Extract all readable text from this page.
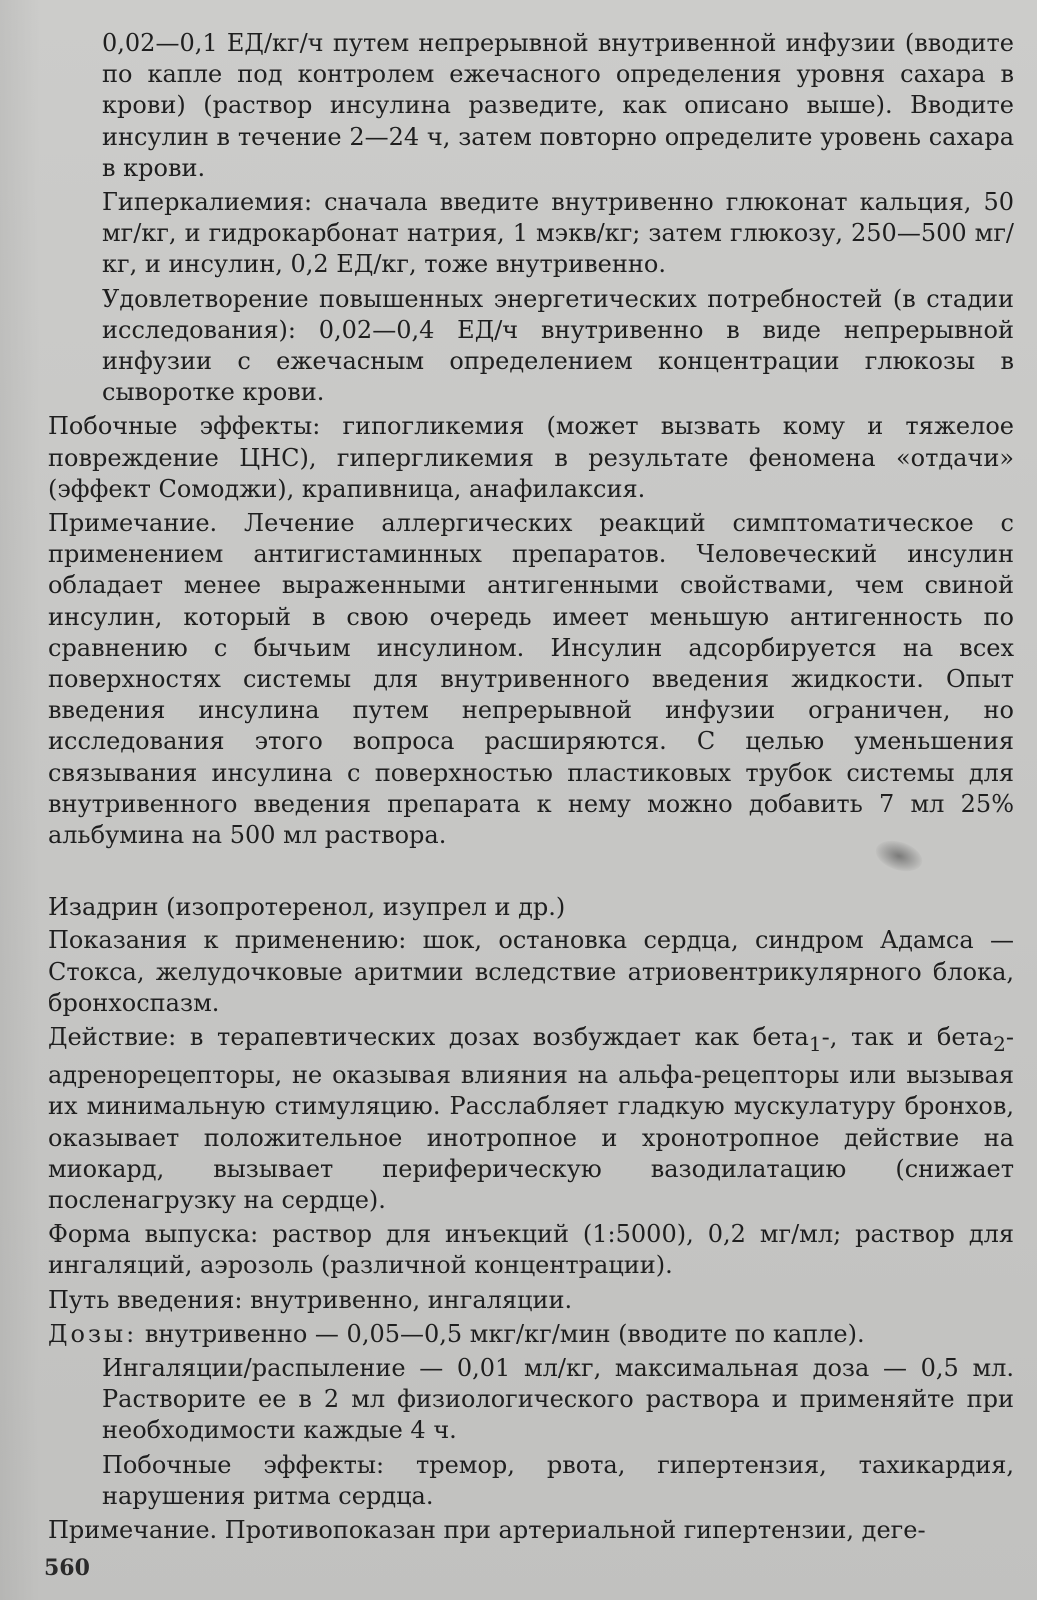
0,02—0,1 ЕД/кг/ч путем непрерывной внутривенной инфузии (вводите по капле под контролем ежечасного определения уровня сахара в крови) (раствор инсулина разведите, как описано выше). Вводите инсулин в течение 2—24 ч, затем повторно определите уровень сахара в крови.

Гиперкалиемия: сначала введите внутривенно глюконат кальция, 50 мг/кг, и гидрокарбонат натрия, 1 мэкв/кг; затем глюкозу, 250—500 мг/кг, и инсулин, 0,2 ЕД/кг, тоже внутривенно.

Удовлетворение повышенных энергетических потребностей (в стадии исследования): 0,02—0,4 ЕД/ч внутривенно в виде непрерывной инфузии с ежечасным определением концентрации глюкозы в сыворотке крови.

Побочные эффекты: гипогликемия (может вызвать кому и тяжелое повреждение ЦНС), гипергликемия в результате феномена «отдачи» (эффект Сомоджи), крапивница, анафилаксия.

Примечание. Лечение аллергических реакций симптоматическое с применением антигистаминных препаратов. Человеческий инсулин обладает менее выраженными антигенными свойствами, чем свиной инсулин, который в свою очередь имеет меньшую антигенность по сравнению с бычьим инсулином. Инсулин адсорбируется на всех поверхностях системы для внутривенного введения жидкости. Опыт введения инсулина путем непрерывной инфузии ограничен, но исследования этого вопроса расширяются. С целью уменьшения связывания инсулина с поверхностью пластиковых трубок системы для внутривенного введения препарата к нему можно добавить 7 мл 25% альбумина на 500 мл раствора.

Изадрин (изопротеренол, изупрел и др.)

Показания к применению: шок, остановка сердца, синдром Адамса — Стокса, желудочковые аритмии вследствие атриовентрикулярного блока, бронхоспазм.

Действие: в терапевтических дозах возбуждает как бета$_1$-, так и бета$_2$-адренорецепторы, не оказывая влияния на альфа-рецепторы или вызывая их минимальную стимуляцию. Расслабляет гладкую мускулатуру бронхов, оказывает положительное инотропное и хронотропное действие на миокард, вызывает периферическую вазодилатацию (снижает посленагрузку на сердце).

Форма выпуска: раствор для инъекций (1:5000), 0,2 мг/мл; раствор для ингаляций, аэрозоль (различной концентрации).

Путь введения: внутривенно, ингаляции.

Дозы: внутривенно — 0,05—0,5 мкг/кг/мин (вводите по капле).

Ингаляции/распыление — 0,01 мл/кг, максимальная доза — 0,5 мл. Растворите ее в 2 мл физиологического раствора и применяйте при необходимости каждые 4 ч.

Побочные эффекты: тремор, рвота, гипертензия, тахикардия, нарушения ритма сердца.

Примечание. Противопоказан при артериальной гипертензии, деге-

560
